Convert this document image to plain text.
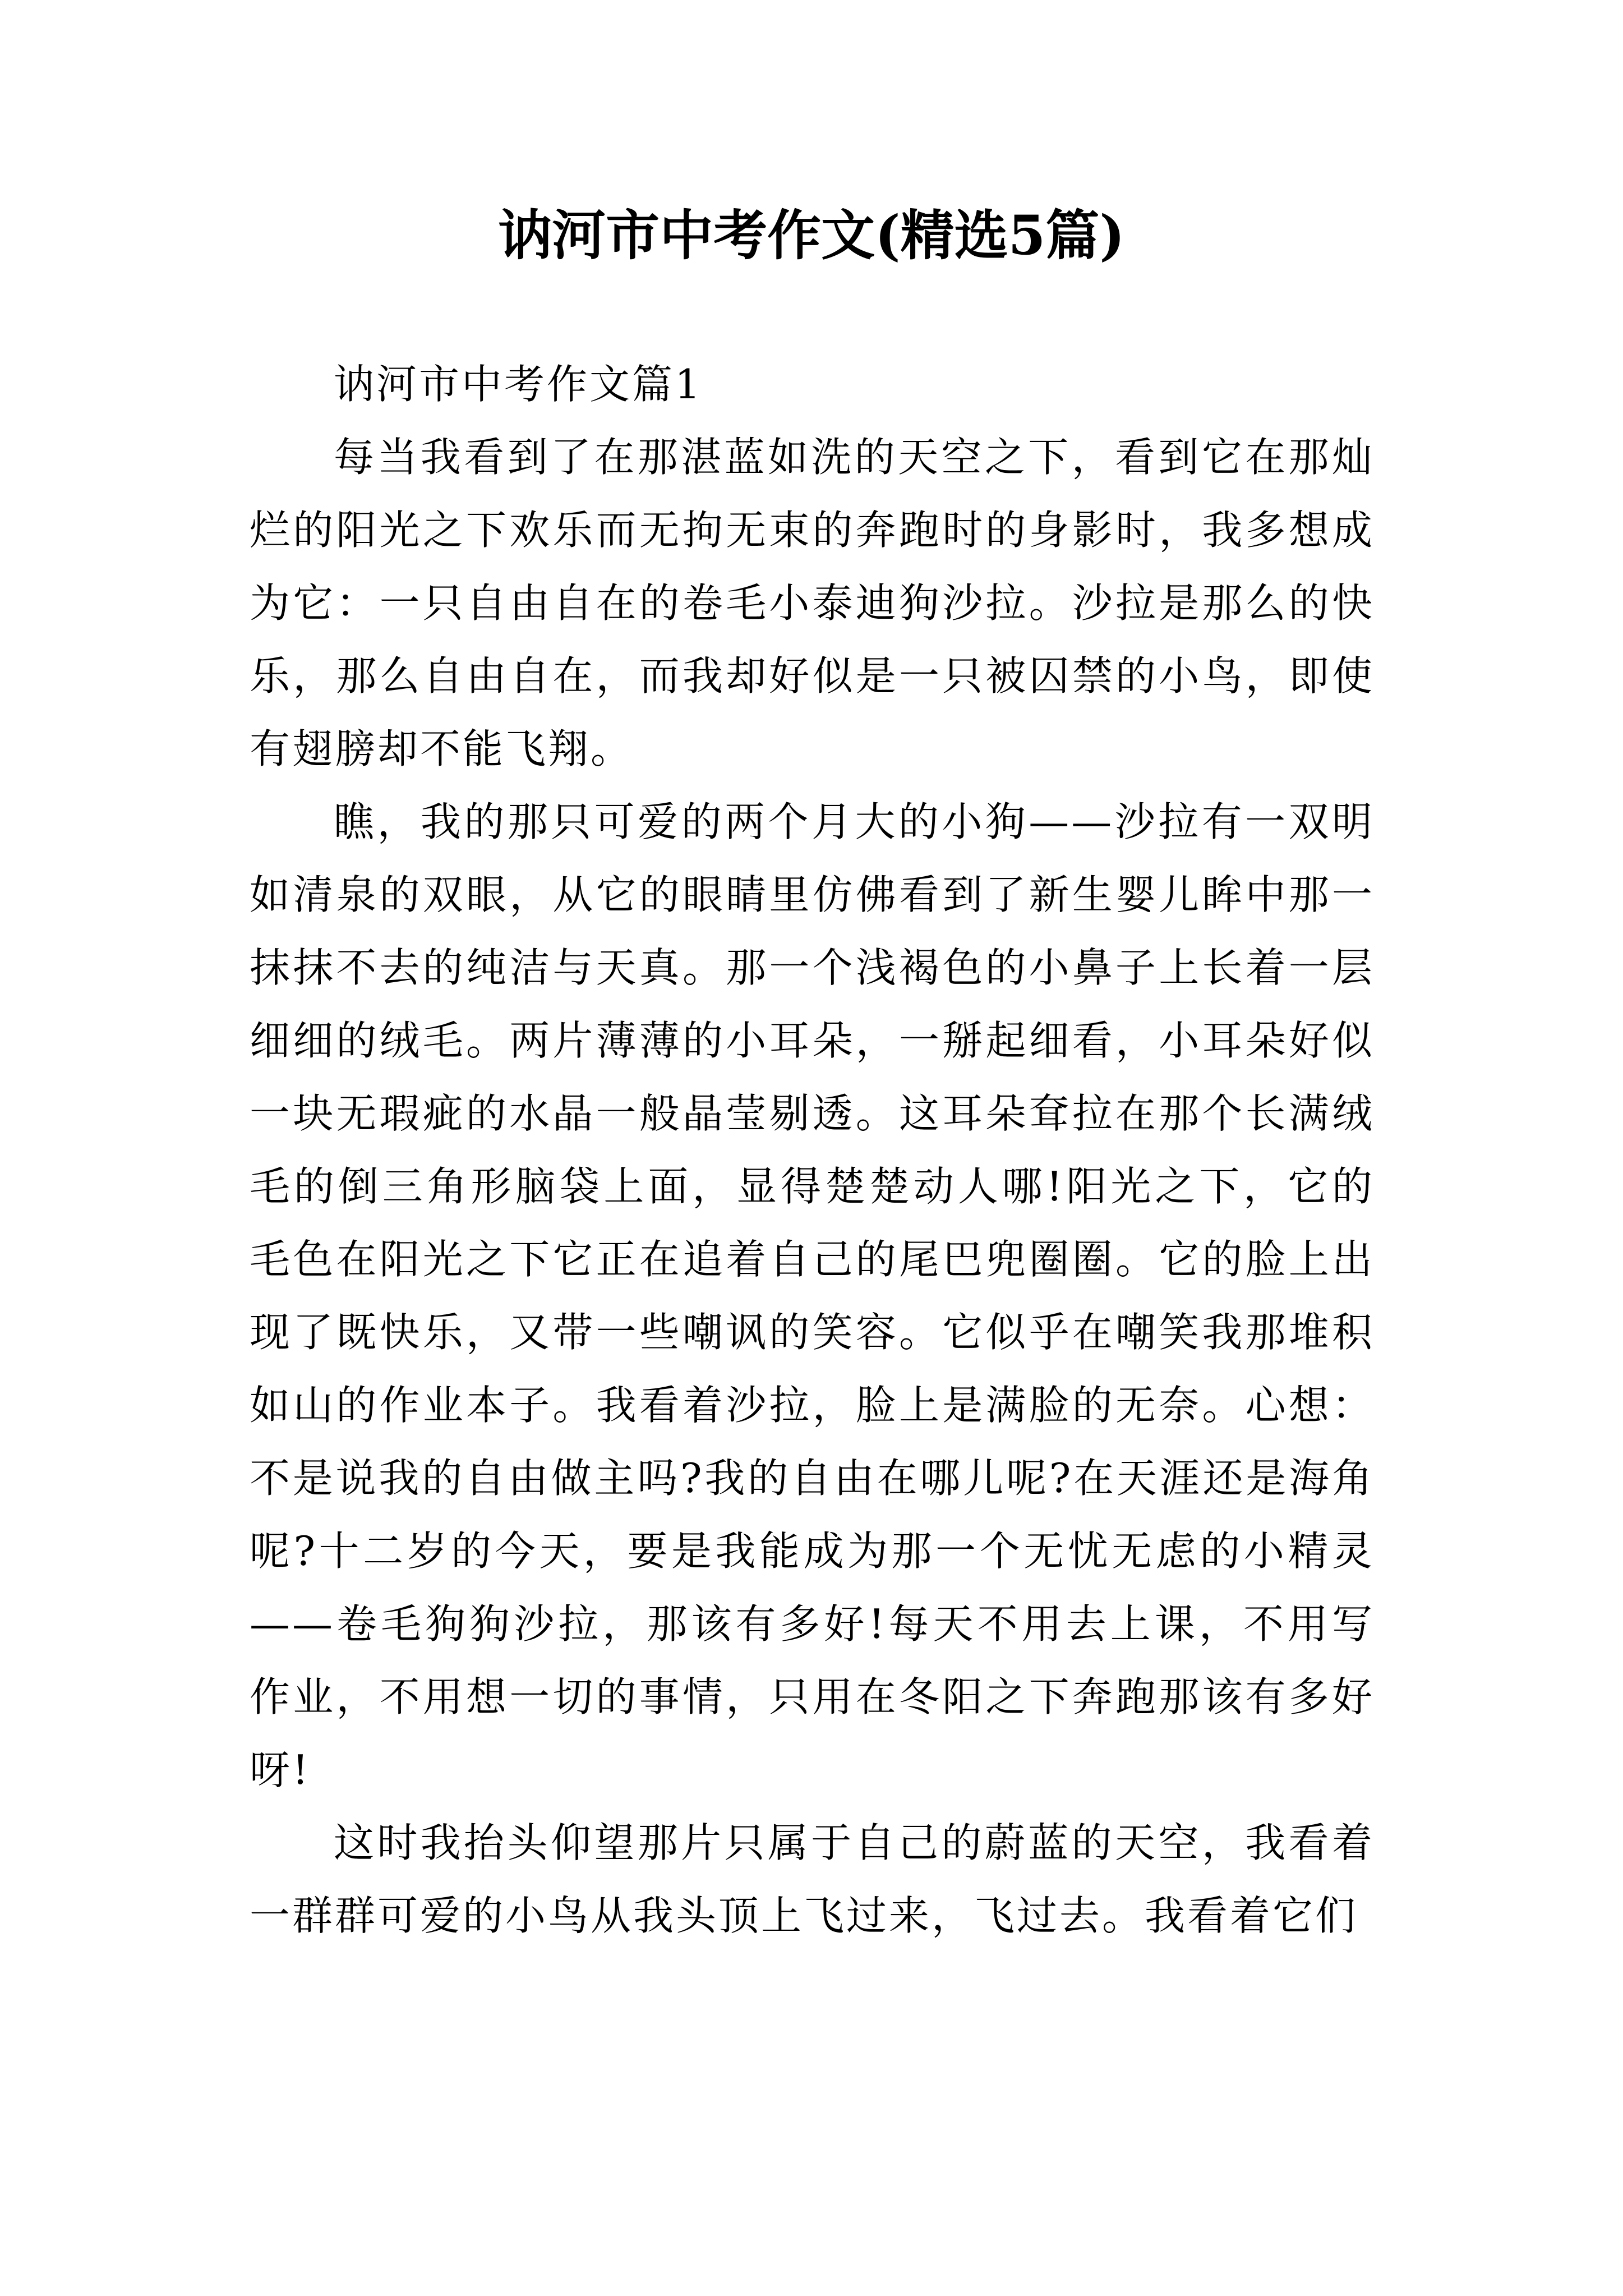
讷河市中考作文(精选5篇)

讷河市中考作文篇1

每当我看到了在那湛蓝如洗的天空之下，看到它在那灿烂的阳光之下欢乐而无拘无束的奔跑时的身影时，我多想成为它：一只自由自在的卷毛小泰迪狗沙拉。沙拉是那么的快乐，那么自由自在，而我却好似是一只被囚禁的小鸟，即使有翅膀却不能飞翔。

瞧，我的那只可爱的两个月大的小狗——沙拉有一双明如清泉的双眼，从它的眼睛里仿佛看到了新生婴儿眸中那一抹抹不去的纯洁与天真。那一个浅褐色的小鼻子上长着一层细细的绒毛。两片薄薄的小耳朵，一掰起细看，小耳朵好似一块无瑕疵的水晶一般晶莹剔透。这耳朵耷拉在那个长满绒毛的倒三角形脑袋上面，显得楚楚动人哪!阳光之下，它的毛色在阳光之下它正在追着自己的尾巴兜圈圈。它的脸上出现了既快乐，又带一些嘲讽的笑容。它似乎在嘲笑我那堆积如山的作业本子。我看着沙拉，脸上是满脸的无奈。心想：不是说我的自由做主吗?我的自由在哪儿呢?在天涯还是海角呢?十二岁的今天，要是我能成为那一个无忧无虑的小精灵——卷毛狗狗沙拉，那该有多好!每天不用去上课，不用写作业，不用想一切的事情，只用在冬阳之下奔跑那该有多好呀!

这时我抬头仰望那片只属于自己的蔚蓝的天空，我看着一群群可爱的小鸟从我头顶上飞过来，飞过去。我看着它们
